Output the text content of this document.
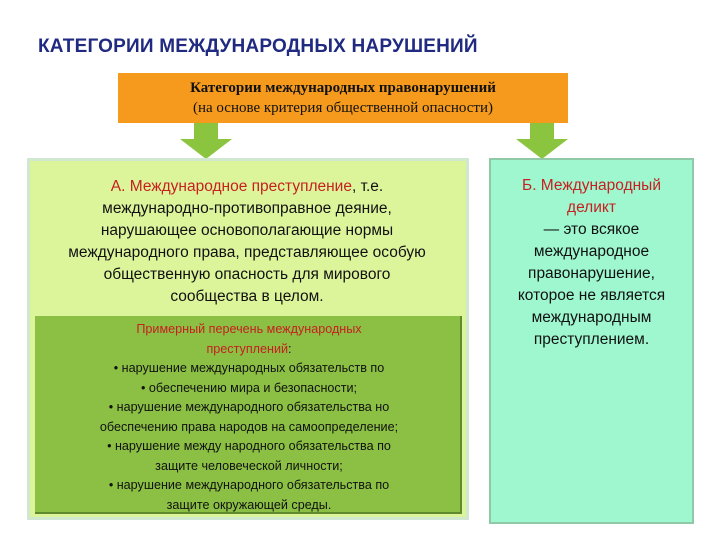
КАТЕГОРИИ МЕЖДУНАРОДНЫХ НАРУШЕНИЙ
Категории международных правонарушений
(на основе критерия общественной опасности)
А. Международное преступление, т.е.
международно-противоправное деяние,
нарушающее основополагающие нормы
международного права, представляющее особую
общественную опасность для мирового
сообщества в целом.
Примерный перечень международных
преступлений:
• нарушение международных обязательств по
• обеспечению мира и безопасности;
• нарушение международного обязательства но
обеспечению права народов на самоопределение;
• нарушение между народного обязательства по
защите человеческой личности;
• нарушение международного обязательства по
защите окружающей среды.
Б. Международный
деликт
— это всякое
международное
правонарушение,
которое не является
международным
преступлением.
